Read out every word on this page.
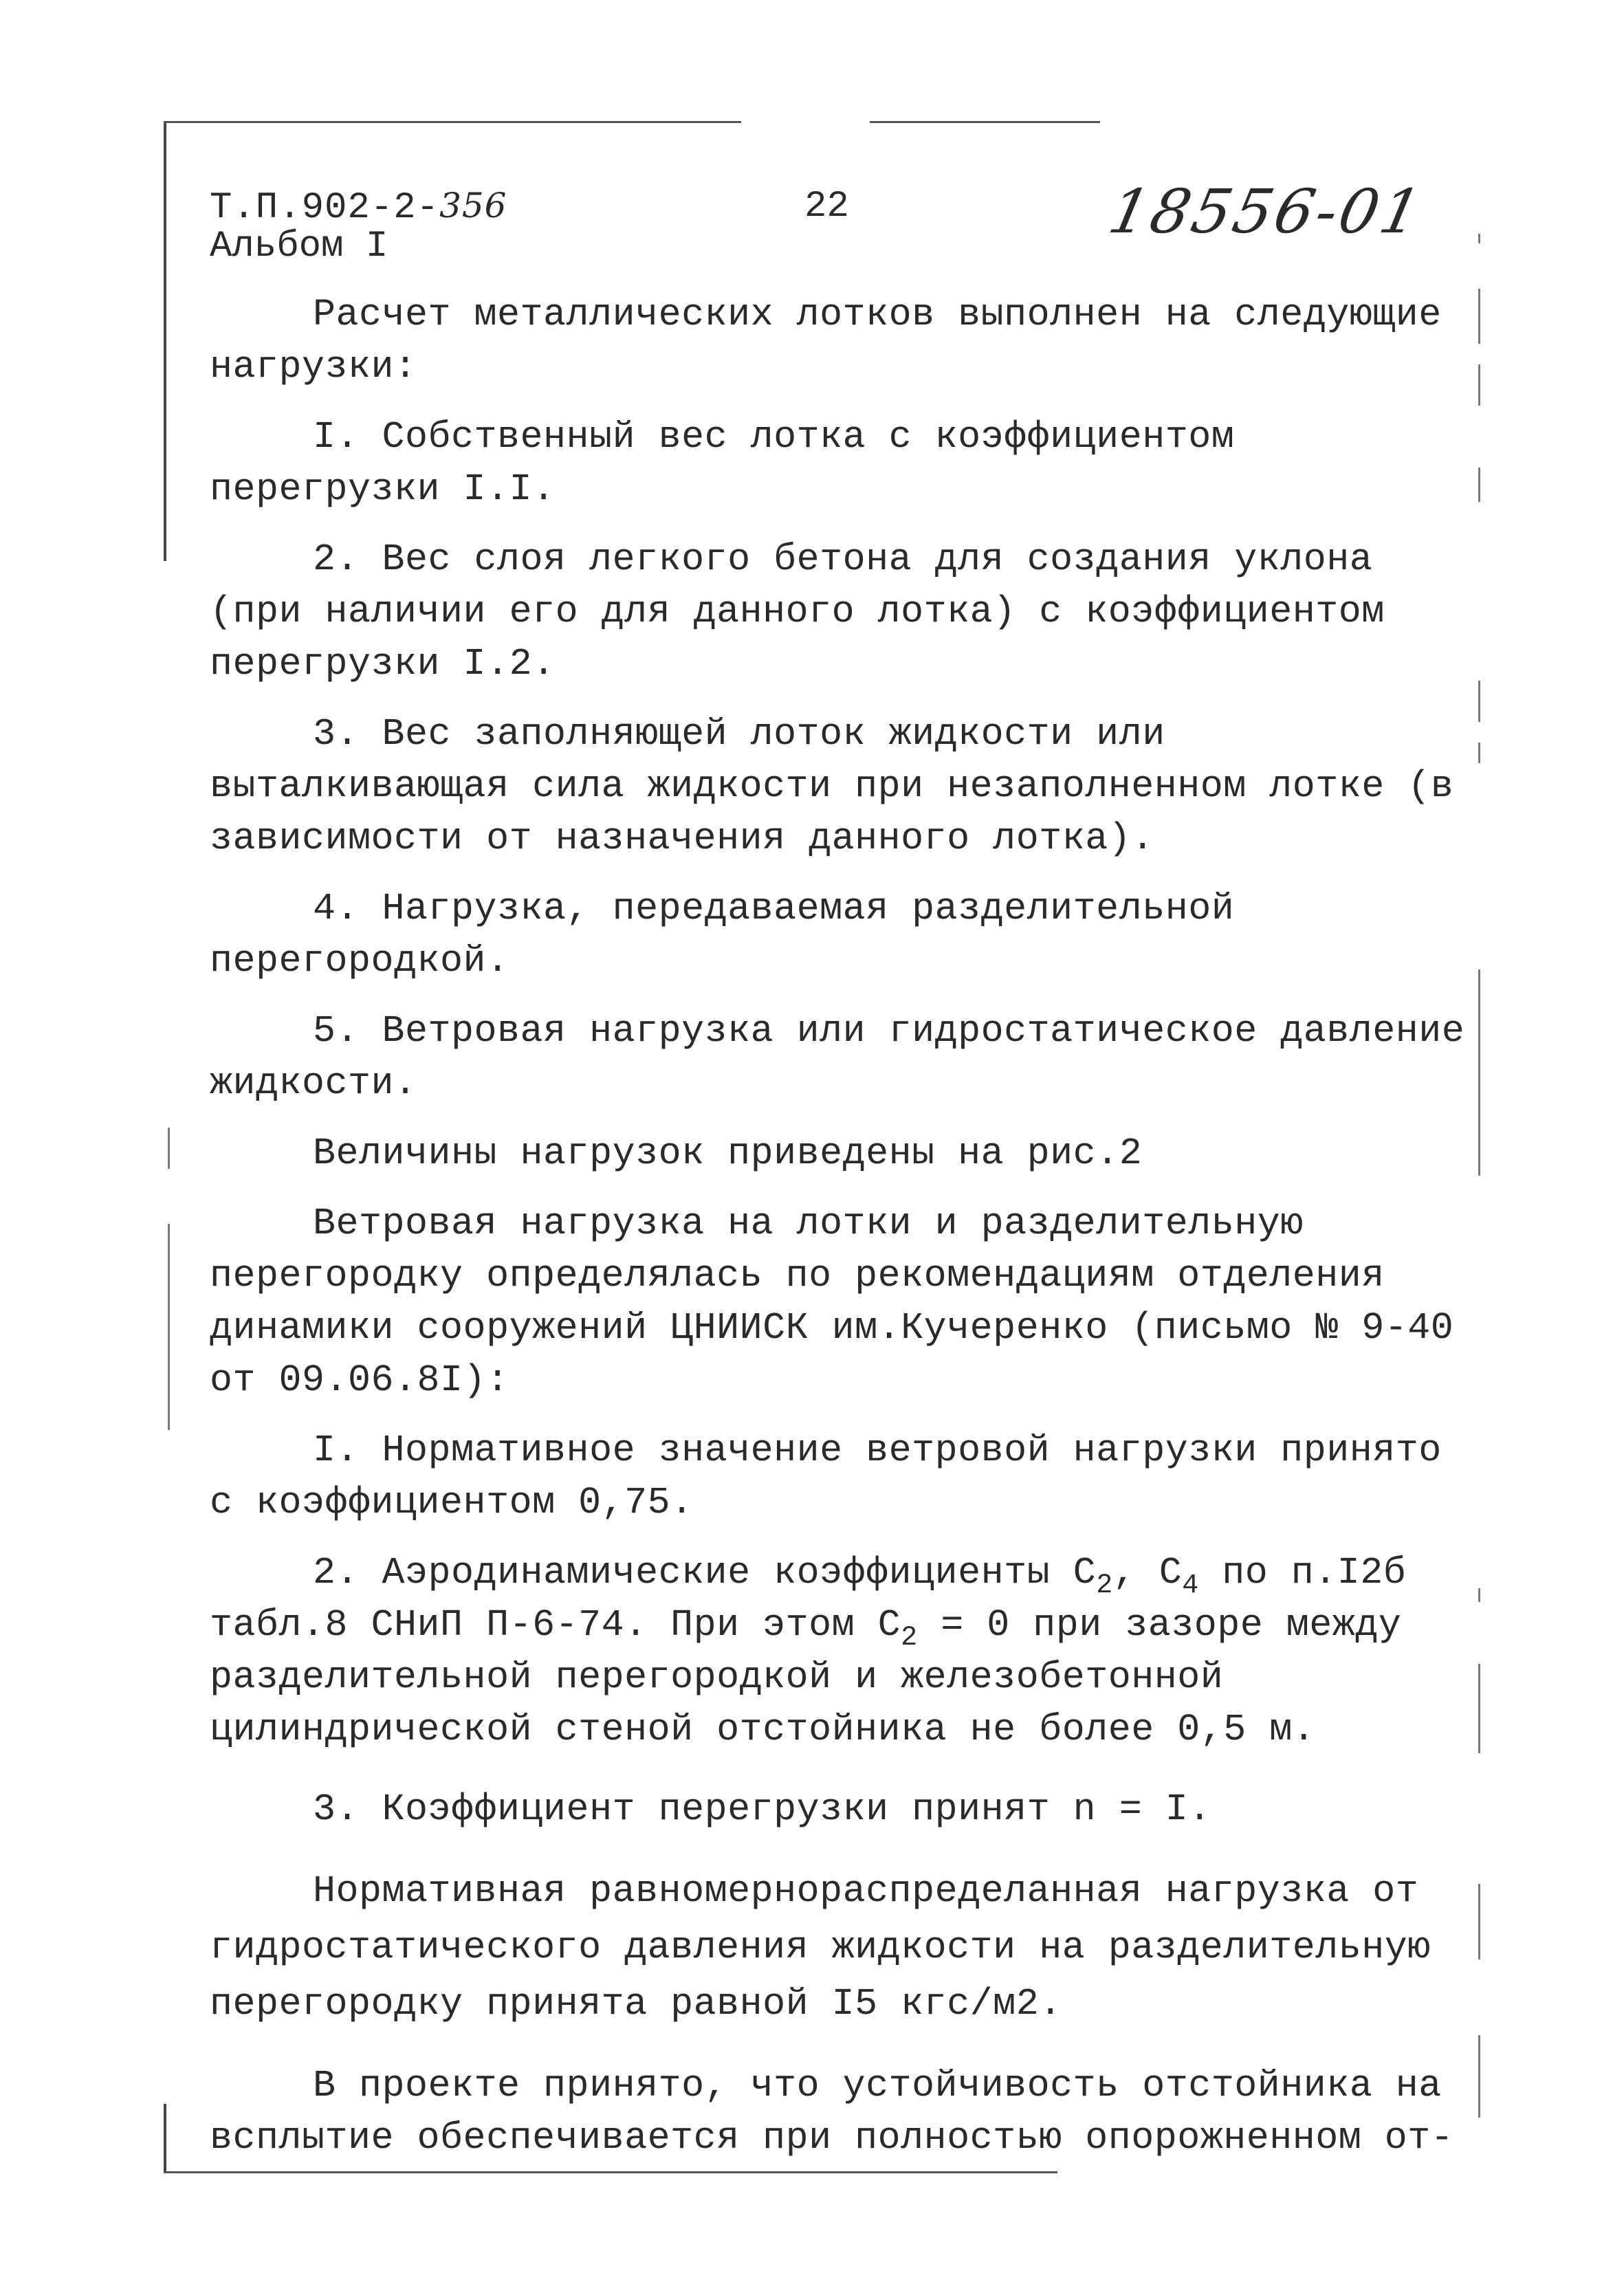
Т.П.902-2-356
Альбом I
22	18556-01

Расчет металлических лотков выполнен на следующие нагрузки:

I. Собственный вес лотка с коэффициентом перегрузки I.I.

2. Вес слоя легкого бетона для создания уклона (при наличии его для данного лотка) с коэффициентом перегрузки I.2.

3. Вес заполняющей лоток жидкости или выталкивающая сила жидкости при незаполненном лотке (в зависимости от назначения данного лотка).

4. Нагрузка, передаваемая разделительной перегородкой.

5. Ветровая нагрузка или гидростатическое давление жидкости.

Величины нагрузок приведены на рис.2

Ветровая нагрузка на лотки и разделительную перегородку определялась по рекомендациям отделения динамики сооружений ЦНИИСК им.Кучеренко (письмо № 9-40 от 09.06.8I):

I. Нормативное значение ветровой нагрузки принято с коэффициентом 0,75.

2. Аэродинамические коэффициенты $С_2$, $С_4$ по п.I2б табл.8 СНиП П-6-74. При этом $С_2 = 0$ при зазоре между разделительной перегородкой и железобетонной цилиндрической стеной отстойника не более 0,5 м.

3. Коэффициент перегрузки принят n = I.

Нормативная равномернораспределанная нагрузка от гидростатического давления жидкости на разделительную перегородку принята равной I5 кгс/м2.

В проекте принято, что устойчивость отстойника на всплытие обеспечивается при полностью опорожненном от-
